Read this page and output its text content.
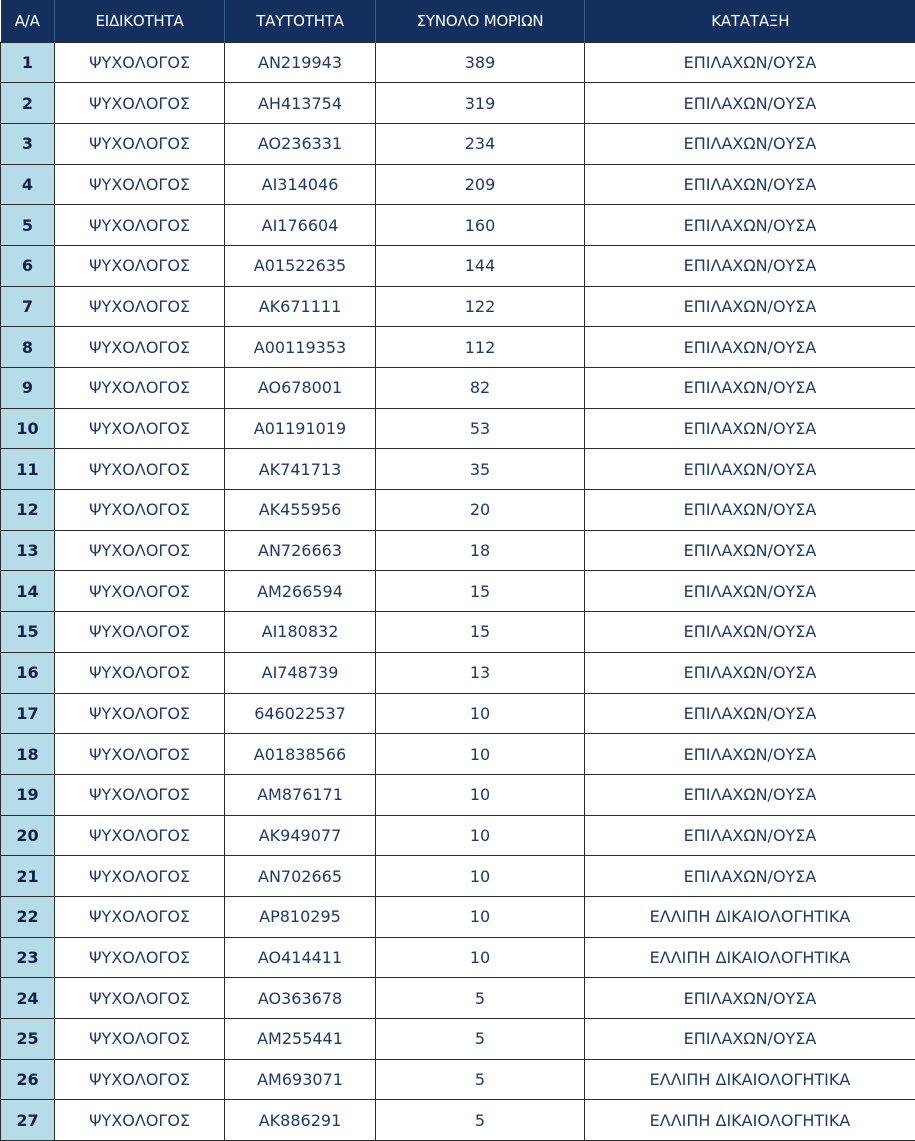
Α/Α	ΕΙΔΙΚΟΤΗΤΑ	ΤΑΥΤΟΤΗΤΑ	ΣΥΝΟΛΟ ΜΟΡΙΩΝ	ΚΑΤΑΤΑΞΗ
1	ΨΥΧΟΛΟΓΟΣ	AN219943	389	ΕΠΙΛΑΧΩΝ/ΟΥΣΑ
2	ΨΥΧΟΛΟΓΟΣ	AH413754	319	ΕΠΙΛΑΧΩΝ/ΟΥΣΑ
3	ΨΥΧΟΛΟΓΟΣ	AO236331	234	ΕΠΙΛΑΧΩΝ/ΟΥΣΑ
4	ΨΥΧΟΛΟΓΟΣ	AI314046	209	ΕΠΙΛΑΧΩΝ/ΟΥΣΑ
5	ΨΥΧΟΛΟΓΟΣ	AI176604	160	ΕΠΙΛΑΧΩΝ/ΟΥΣΑ
6	ΨΥΧΟΛΟΓΟΣ	A01522635	144	ΕΠΙΛΑΧΩΝ/ΟΥΣΑ
7	ΨΥΧΟΛΟΓΟΣ	AK671111	122	ΕΠΙΛΑΧΩΝ/ΟΥΣΑ
8	ΨΥΧΟΛΟΓΟΣ	A00119353	112	ΕΠΙΛΑΧΩΝ/ΟΥΣΑ
9	ΨΥΧΟΛΟΓΟΣ	AO678001	82	ΕΠΙΛΑΧΩΝ/ΟΥΣΑ
10	ΨΥΧΟΛΟΓΟΣ	A01191019	53	ΕΠΙΛΑΧΩΝ/ΟΥΣΑ
11	ΨΥΧΟΛΟΓΟΣ	AK741713	35	ΕΠΙΛΑΧΩΝ/ΟΥΣΑ
12	ΨΥΧΟΛΟΓΟΣ	AK455956	20	ΕΠΙΛΑΧΩΝ/ΟΥΣΑ
13	ΨΥΧΟΛΟΓΟΣ	AN726663	18	ΕΠΙΛΑΧΩΝ/ΟΥΣΑ
14	ΨΥΧΟΛΟΓΟΣ	AM266594	15	ΕΠΙΛΑΧΩΝ/ΟΥΣΑ
15	ΨΥΧΟΛΟΓΟΣ	AI180832	15	ΕΠΙΛΑΧΩΝ/ΟΥΣΑ
16	ΨΥΧΟΛΟΓΟΣ	AI748739	13	ΕΠΙΛΑΧΩΝ/ΟΥΣΑ
17	ΨΥΧΟΛΟΓΟΣ	646022537	10	ΕΠΙΛΑΧΩΝ/ΟΥΣΑ
18	ΨΥΧΟΛΟΓΟΣ	A01838566	10	ΕΠΙΛΑΧΩΝ/ΟΥΣΑ
19	ΨΥΧΟΛΟΓΟΣ	AM876171	10	ΕΠΙΛΑΧΩΝ/ΟΥΣΑ
20	ΨΥΧΟΛΟΓΟΣ	AK949077	10	ΕΠΙΛΑΧΩΝ/ΟΥΣΑ
21	ΨΥΧΟΛΟΓΟΣ	AN702665	10	ΕΠΙΛΑΧΩΝ/ΟΥΣΑ
22	ΨΥΧΟΛΟΓΟΣ	AP810295	10	ΕΛΛΙΠΗ ΔΙΚΑΙΟΛΟΓΗΤΙΚΑ
23	ΨΥΧΟΛΟΓΟΣ	AO414411	10	ΕΛΛΙΠΗ ΔΙΚΑΙΟΛΟΓΗΤΙΚΑ
24	ΨΥΧΟΛΟΓΟΣ	AO363678	5	ΕΠΙΛΑΧΩΝ/ΟΥΣΑ
25	ΨΥΧΟΛΟΓΟΣ	AM255441	5	ΕΠΙΛΑΧΩΝ/ΟΥΣΑ
26	ΨΥΧΟΛΟΓΟΣ	AM693071	5	ΕΛΛΙΠΗ ΔΙΚΑΙΟΛΟΓΗΤΙΚΑ
27	ΨΥΧΟΛΟΓΟΣ	AK886291	5	ΕΛΛΙΠΗ ΔΙΚΑΙΟΛΟΓΗΤΙΚΑ
